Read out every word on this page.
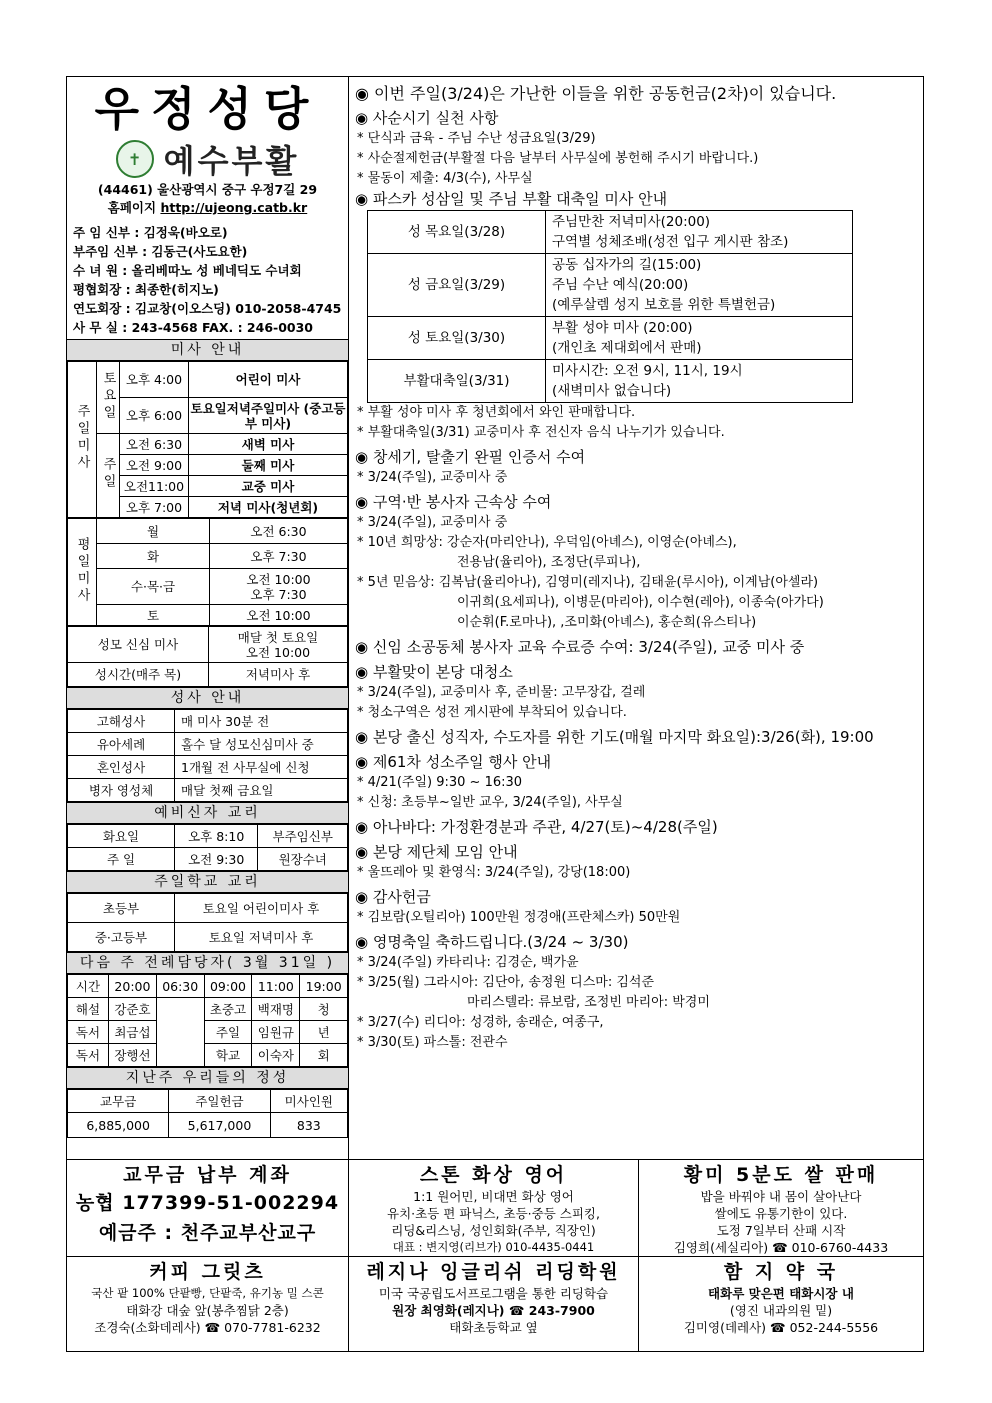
우정성당
✝ 예수부활
(44461) 울산광역시 중구 우정7길 29
홈페이지 http://ujeong.catb.kr
주 임 신부 : 김정욱(바오로)
부주임 신부 : 김동근(사도요한)
수 녀 원 : 올리베따노 성 베네딕도 수녀회
평협회장 : 최종한(히지노)
연도회장 : 김교창(이오스딩) 010-2058-4745
사 무 실 : 243-4568 FAX. : 246-0030
미사 안내
주일미사	토요일	오후 4:00	어린이 미사
		오후 6:00	토요일저녁주일미사 (중고등부 미사)
	주일	오전 6:30	새벽 미사
		오전 9:00	둘째 미사
		오전11:00	교중 미사
		오후 7:00	저녁 미사(청년회)
평일미사	월	오전 6:30
	화	오후 7:30
	수·목·금	오전 10:00 오후 7:30
	토	오전 10:00
성모 신심 미사	매달 첫 토요일 오전 10:00
성시간(매주 목)	저녁미사 후
성사 안내
고해성사	매 미사 30분 전
유아세례	홀수 달 성모신심미사 중
혼인성사	1개월 전 사무실에 신청
병자 영성체	매달 첫째 금요일
예비신자 교리
화요일	오후 8:10	부주임신부
주 일	오전 9:30	원장수녀
주일학교 교리
초등부	토요일 어린이미사 후
중·고등부	토요일 저녁미사 후
다음 주 전례담당자( 3월 31일 )
시간	20:00	06:30	09:00	11:00	19:00
해설	강준호		초중고	백재명	청
독서	최금섭		주일	임원규	년
독서	장행선		학교	이숙자	회
지난주 우리들의 정성
교무금	주일헌금	미사인원
6,885,000	5,617,000	833
◉ 이번 주일(3/24)은 가난한 이들을 위한 공동헌금(2차)이 있습니다.
◉ 사순시기 실천 사항
* 단식과 금육 - 주님 수난 성금요일(3/29)
* 사순절제헌금(부활절 다음 날부터 사무실에 봉헌해 주시기 바랍니다.)
* 물동이 제출: 4/3(수), 사무실
◉ 파스카 성삼일 및 주님 부활 대축일 미사 안내
성 목요일(3/28)	주님만찬 저녁미사(20:00)
구역별 성체조배(성전 입구 게시판 참조)

성 금요일(3/29)	공동 십자가의 길(15:00)
주님 수난 예식(20:00)
(예루살렘 성지 보호를 위한 특별헌금)

성 토요일(3/30)	부활 성야 미사 (20:00)
(개인초 제대회에서 판매)

부활대축일(3/31)	미사시간: 오전 9시, 11시, 19시
(새벽미사 없습니다)
* 부활 성야 미사 후 청년회에서 와인 판매합니다.
* 부활대축일(3/31) 교중미사 후 전신자 음식 나누기가 있습니다.
◉ 창세기, 탈출기 완필 인증서 수여
* 3/24(주일), 교중미사 중
◉ 구역·반 봉사자 근속상 수여
* 3/24(주일), 교중미사 중
* 10년 희망상: 강순자(마리안나), 우덕임(아녜스), 이영순(아녜스),
전용남(율리아), 조정단(루피나),
* 5년 믿음상: 김복남(율리아나), 김영미(레지나), 김태윤(루시아), 이계남(아셀라)
이귀희(요세피나), 이병문(마리아), 이수현(레아), 이종숙(아가다)
이순휘(F.로마나), ,조미화(아녜스), 홍순희(유스티나)
◉ 신임 소공동체 봉사자 교육 수료증 수여: 3/24(주일), 교중 미사 중
◉ 부활맞이 본당 대청소
* 3/24(주일), 교중미사 후, 준비물: 고무장갑, 걸레
* 청소구역은 성전 게시판에 부착되어 있습니다.
◉ 본당 출신 성직자, 수도자를 위한 기도(매월 마지막 화요일):3/26(화), 19:00
◉ 제61차 성소주일 행사 안내
* 4/21(주일) 9:30 ~ 16:30
* 신청: 초등부~일반 교우, 3/24(주일), 사무실
◉ 아나바다: 가정환경분과 주관, 4/27(토)~4/28(주일)
◉ 본당 제단체 모임 안내
* 울뜨레아 및 환영식: 3/24(주일), 강당(18:00)
◉ 감사헌금
* 김보람(오틸리아) 100만원 정경애(프란체스카) 50만원
◉ 영명축일 축하드립니다.(3/24 ~ 3/30)
* 3/24(주일) 카타리나: 김경순, 백가윤
* 3/25(월) 그라시아: 김단아, 송정원 디스마: 김석준
마리스텔라: 류보람, 조정빈 마리아: 박경미
* 3/27(수) 리디아: 성경하, 송래순, 여종구,
* 3/30(토) 파스톨: 전관수
교무금 납부 계좌
농협 177399-51-002294
예금주 : 천주교부산교구
스톤 화상 영어
1:1 원어민, 비대면 화상 영어
유치·초등 편 파닉스, 초등·중등 스피킹,
리딩&리스닝, 성인회화(주부, 직장인)
대표 : 변지영(리브가) 010-4435-0441
황미 5분도 쌀 판매
밥을 바꿔야 내 몸이 살아난다
쌀에도 유통기한이 있다.
도정 7일부터 산패 시작
김영희(세실리아) ☎ 010-6760-4433
커피 그릿츠
국산 팥 100% 단팥빵, 단팥죽, 유기농 밀 스콘
태화강 대숲 앞(봉추찜닭 2층)
조경숙(소화데레사) ☎ 070-7781-6232
레지나 잉글리쉬 리딩학원
미국 국공립도서프로그램을 통한 리딩학습
원장 최영화(레지나) ☎ 243-7900
태화초등학교 옆
함 지 약 국
태화루 맞은편 태화시장 내
(영진 내과의원 밑)
김미영(데레사) ☎ 052-244-5556
